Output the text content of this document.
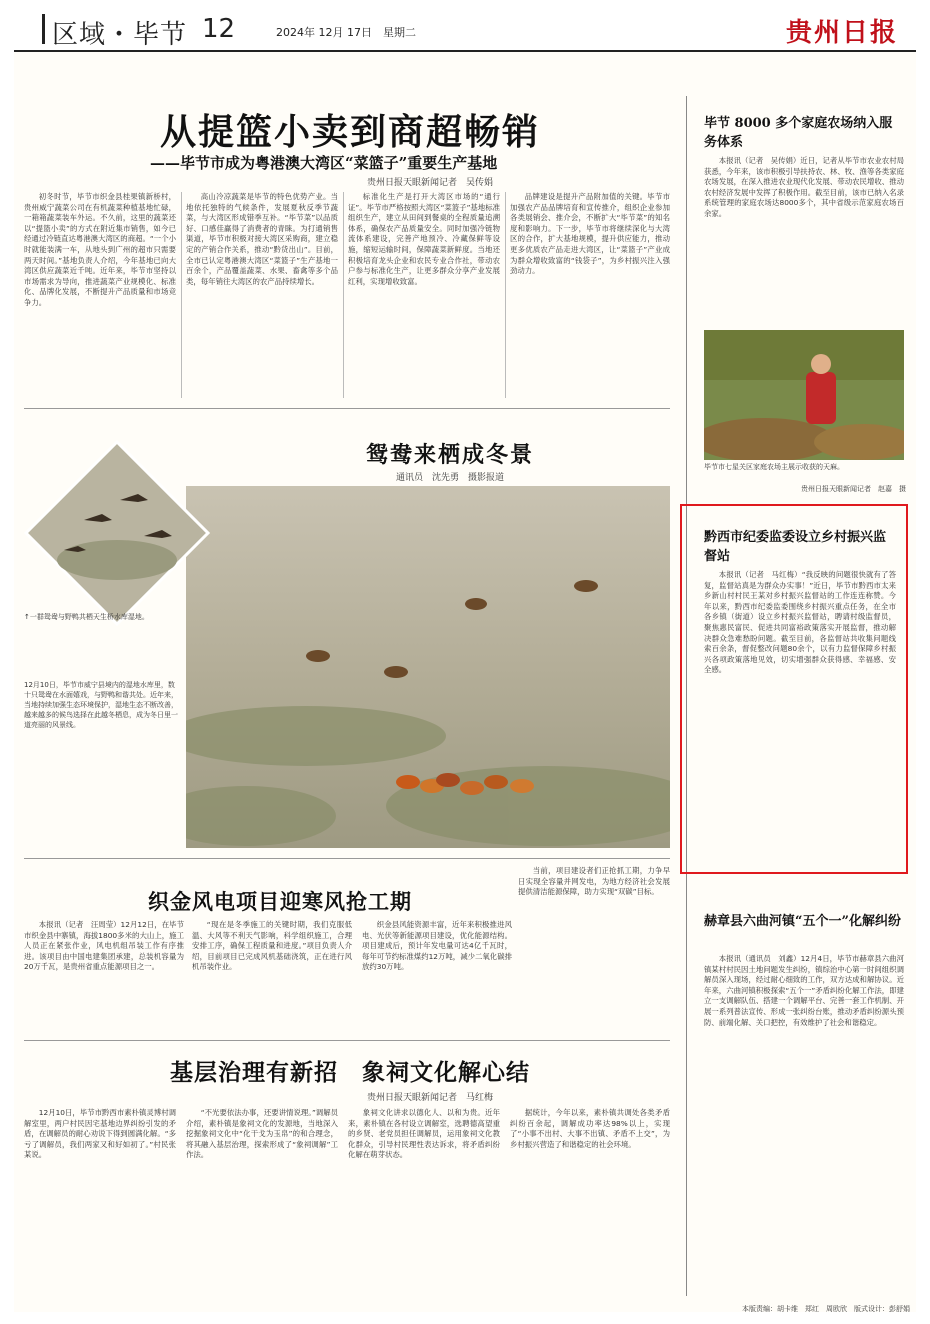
区域・毕节 12	2024年 12月 17日　星期二	贵州日报
从提篮小卖到商超畅销
——毕节市成为粤港澳大湾区“菜篮子”重要生产基地
贵州日报天眼新闻记者　吴传娟

初冬时节，毕节市织金县桂果镇新桥村，贵州威宁蔬菜公司在有机蔬菜种植基地忙碌，一箱箱蔬菜装车外运。不久前，这里的蔬菜还以“提篮小卖”的方式在附近集市销售，如今已经通过冷链直达粤港澳大湾区的商超。“一个小时就能装满一车，从地头到广州的超市只需要两天时间。”基地负责人介绍，今年基地已向大湾区供应蔬菜近千吨。近年来，毕节市坚持以市场需求为导向，推进蔬菜产业规模化、标准化、品牌化发展，不断提升产品质量和市场竞争力。

高山冷凉蔬菜是毕节的特色优势产业。当地依托独特的气候条件，发展夏秋反季节蔬菜，与大湾区形成错季互补。“毕节菜”以品质好、口感佳赢得了消费者的青睐。为打通销售渠道，毕节市积极对接大湾区采购商，建立稳定的产销合作关系，推动“黔货出山”。目前，全市已认定粤港澳大湾区“菜篮子”生产基地一百余个，产品覆盖蔬菜、水果、畜禽等多个品类，每年销往大湾区的农产品持续增长。

标准化生产是打开大湾区市场的“通行证”。毕节市严格按照大湾区“菜篮子”基地标准组织生产，建立从田间到餐桌的全程质量追溯体系，确保农产品质量安全。同时加强冷链物流体系建设，完善产地预冷、冷藏保鲜等设施，缩短运输时间，保障蔬菜新鲜度。当地还积极培育龙头企业和农民专业合作社，带动农户参与标准化生产，让更多群众分享产业发展红利，实现增收致富。

品牌建设是提升产品附加值的关键。毕节市加强农产品品牌培育和宣传推介，组织企业参加各类展销会、推介会，不断扩大“毕节菜”的知名度和影响力。下一步，毕节市将继续深化与大湾区的合作，扩大基地规模，提升供应能力，推动更多优质农产品走进大湾区，让“菜篮子”产业成为群众增收致富的“钱袋子”，为乡村振兴注入强劲动力。

鸳鸯来栖成冬景
通讯员　沈先勇　摄影报道
↑一群鸳鸯与野鸭共栖天生桥水库湿地。
12月10日，毕节市威宁县境内的湿地水库里，数十只鸳鸯在水面嬉戏，与野鸭和谐共处。近年来，当地持续加强生态环境保护，湿地生态不断改善，越来越多的候鸟选择在此越冬栖息，成为冬日里一道亮丽的风景线。
织金风电项目迎寒风抢工期

本报讯（记者　汪周莹）12月12日，在毕节市织金县中寨镇，海拔1800多米的大山上，施工人员正在紧张作业，风电机组吊装工作有序推进。该项目由中国电建集团承建，总装机容量为20万千瓦，是贵州省重点能源项目之一。

“现在是冬季施工的关键时期，我们克服低温、大风等不利天气影响，科学组织施工，合理安排工序，确保工程质量和进度。”项目负责人介绍，目前项目已完成风机基础浇筑，正在进行风机吊装作业。

织金县风能资源丰富，近年来积极推进风电、光伏等新能源项目建设，优化能源结构。项目建成后，预计年发电量可达4亿千瓦时，每年可节约标准煤约12万吨，减少二氧化碳排放约30万吨。

当前，项目建设者们正抢抓工期，力争早日实现全容量并网发电，为地方经济社会发展提供清洁能源保障，助力实现“双碳”目标。

基层治理有新招　象祠文化解心结
贵州日报天眼新闻记者　马红梅

12月10日，毕节市黔西市素朴镇灵博村调解室里，两户村民因宅基地边界纠纷引发的矛盾，在调解员的耐心劝说下得到圆满化解。“多亏了调解员，我们两家又和好如初了。”村民张某说。

“不光要依法办事，还要讲情说理。”调解员介绍，素朴镇是象祠文化的发源地，当地深入挖掘象祠文化中“化干戈为玉帛”的和合理念，将其融入基层治理，探索形成了“象祠调解”工作法。

象祠文化讲求以德化人、以和为贵。近年来，素朴镇在各村设立调解室，选聘德高望重的乡贤、老党员担任调解员，运用象祠文化教化群众，引导村民理性表达诉求，将矛盾纠纷化解在萌芽状态。

据统计，今年以来，素朴镇共调处各类矛盾纠纷百余起，调解成功率达98%以上，实现了“小事不出村、大事不出镇、矛盾不上交”，为乡村振兴营造了和谐稳定的社会环境。

毕节 8000 多个家庭农场纳入服务体系

本报讯（记者　吴传娟）近日，记者从毕节市农业农村局获悉，今年来，该市积极引导扶持农、林、牧、渔等各类家庭农场发展，在深入推进农业现代化发展、带动农民增收、推动农村经济发展中发挥了积极作用。截至目前，该市已纳入名录系统管理的家庭农场达8000多个，其中省级示范家庭农场百余家。

毕节市七星关区家庭农场主展示收获的天麻。
贵州日报天眼新闻记者　赵嘉　摄
黔西市纪委监委设立乡村振兴监督站

本报讯（记者　马红梅）“我反映的问题很快就有了答复，监督站真是为群众办实事！”近日，毕节市黔西市太来乡新山村村民王某对乡村振兴监督站的工作连连称赞。今年以来，黔西市纪委监委围绕乡村振兴重点任务，在全市各乡镇（街道）设立乡村振兴监督站，聘请村级监督员，聚焦惠民富民、促进共同富裕政策落实开展监督，推动解决群众急难愁盼问题。截至目前，各监督站共收集问题线索百余条，督促整改问题80余个，以有力监督保障乡村振兴各项政策落地见效，切实增强群众获得感、幸福感、安全感。

赫章县六曲河镇“五个一”化解纠纷

本报讯（通讯员　刘鑫）12月4日，毕节市赫章县六曲河镇某村村民因土地问题发生纠纷，镇综治中心第一时间组织调解员深入现场，经过耐心细致的工作，双方达成和解协议。近年来，六曲河镇积极探索“五个一”矛盾纠纷化解工作法，即建立一支调解队伍、搭建一个调解平台、完善一套工作机制、开展一系列普法宣传、形成一张纠纷台账，推动矛盾纠纷源头预防、前端化解、关口把控，有效维护了社会和谐稳定。

本版责编：胡卡维　郑红　周欧欣　版式设计：彭舒娟
